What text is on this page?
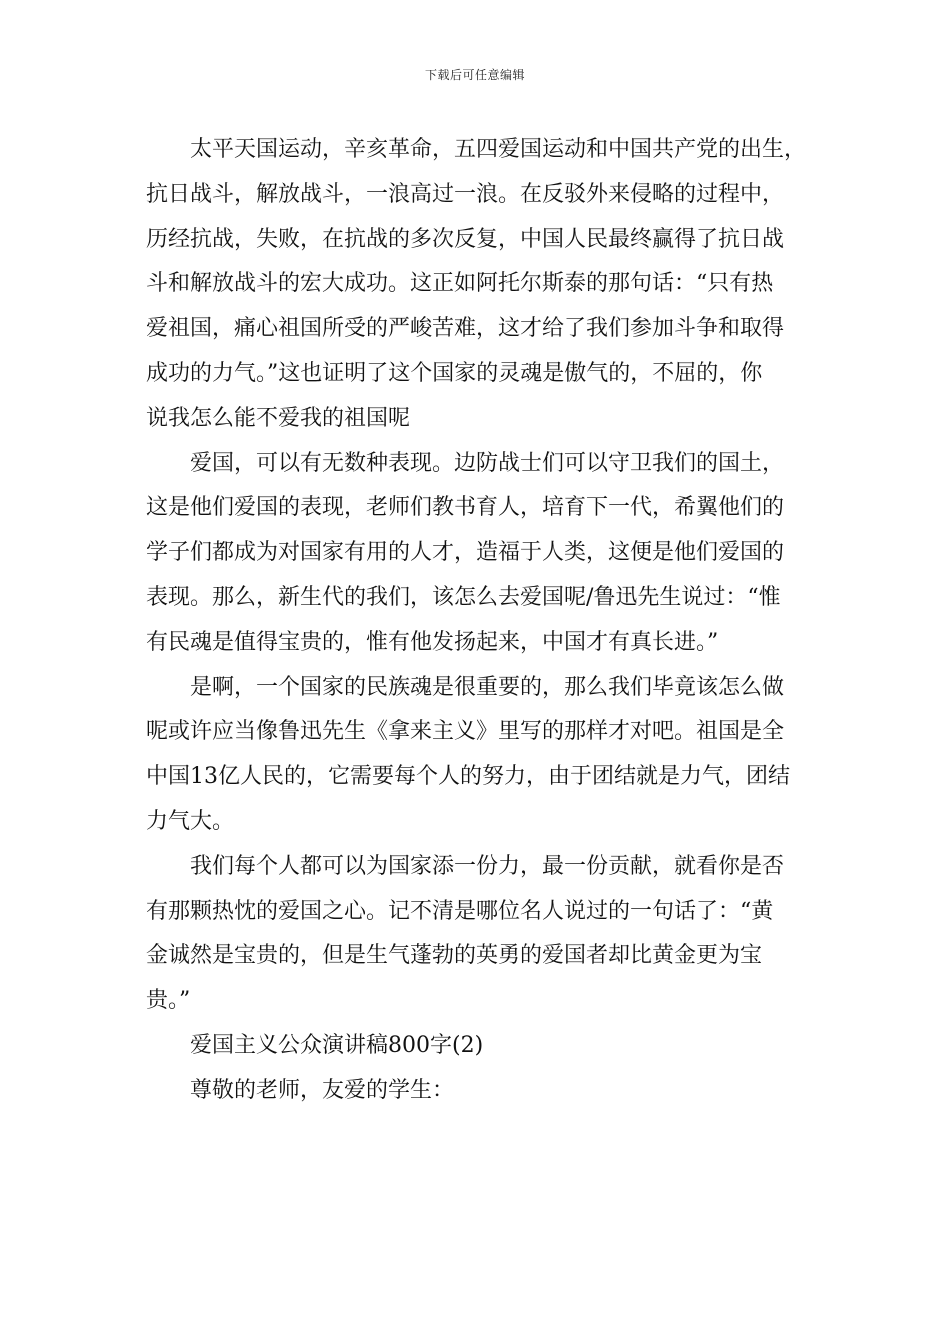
下载后可任意编辑

太平天国运动，辛亥革命，五四爱国运动和中国共产党的出生，
抗日战斗，解放战斗，一浪高过一浪。在反驳外来侵略的过程中，
历经抗战，失败，在抗战的多次反复，中国人民最终赢得了抗日战
斗和解放战斗的宏大成功。这正如阿托尔斯泰的那句话：“只有热
爱祖国，痛心祖国所受的严峻苦难，这才给了我们参加斗争和取得
成功的力气。”这也证明了这个国家的灵魂是傲气的，不屈的，你
说我怎么能不爱我的祖国呢

爱国，可以有无数种表现。边防战士们可以守卫我们的国土，
这是他们爱国的表现，老师们教书育人，培育下一代，希翼他们的
学子们都成为对国家有用的人才，造福于人类，这便是他们爱国的
表现。那么，新生代的我们，该怎么去爱国呢/鲁迅先生说过：“惟
有民魂是值得宝贵的，惟有他发扬起来，中国才有真长进。”

是啊，一个国家的民族魂是很重要的，那么我们毕竟该怎么做
呢或许应当像鲁迅先生《拿来主义》里写的那样才对吧。祖国是全
中国13亿人民的，它需要每个人的努力，由于团结就是力气，团结
力气大。

我们每个人都可以为国家添一份力，最一份贡献，就看你是否
有那颗热忱的爱国之心。记不清是哪位名人说过的一句话了：“黄
金诚然是宝贵的，但是生气蓬勃的英勇的爱国者却比黄金更为宝
贵。”

爱国主义公众演讲稿800字(2)

尊敬的老师，友爱的学生：
